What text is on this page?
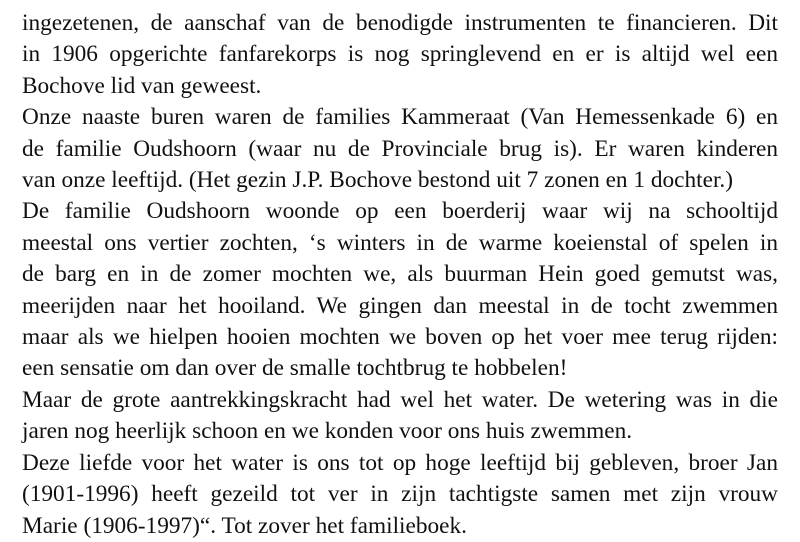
ingezetenen, de aanschaf van de benodigde instrumenten te financieren. Dit
in 1906 opgerichte fanfarekorps is nog springlevend en er is altijd wel een
Bochove lid van geweest.
Onze naaste buren waren de families Kammeraat (Van Hemessenkade 6) en
de familie Oudshoorn (waar nu de Provinciale brug is). Er waren kinderen
van onze leeftijd. (Het gezin J.P. Bochove bestond uit 7 zonen en 1 dochter.)
De familie Oudshoorn woonde op een boerderij waar wij na schooltijd
meestal ons vertier zochten, ‘s winters in de warme koeienstal of spelen in
de barg en in de zomer mochten we, als buurman Hein goed gemutst was,
meerijden naar het hooiland. We gingen dan meestal in de tocht zwemmen
maar als we hielpen hooien mochten we boven op het voer mee terug rijden:
een sensatie om dan over de smalle tochtbrug te hobbelen!
Maar de grote aantrekkingskracht had wel het water. De wetering was in die
jaren nog heerlijk schoon en we konden voor ons huis zwemmen.
Deze liefde voor het water is ons tot op hoge leeftijd bij gebleven, broer Jan
(1901-1996) heeft gezeild tot ver in zijn tachtigste samen met zijn vrouw
Marie (1906-1997)“. Tot zover het familieboek.
